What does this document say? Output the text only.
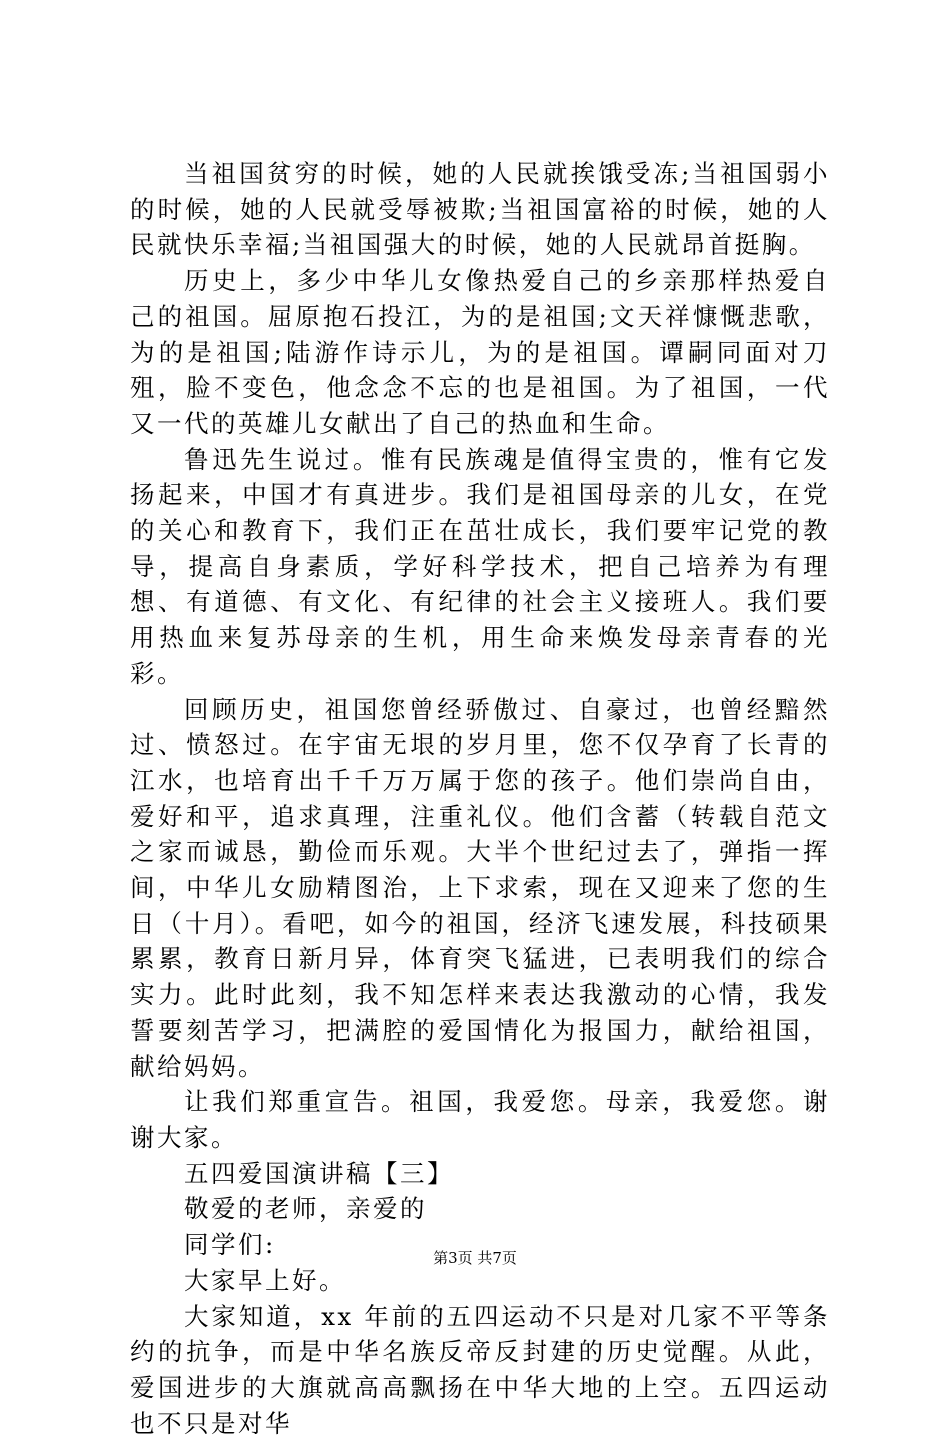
当祖国贫穷的时候，她的人民就挨饿受冻;当祖国弱小的时候，她的人民就受辱被欺;当祖国富裕的时候，她的人民就快乐幸福;当祖国强大的时候，她的人民就昂首挺胸。

历史上，多少中华儿女像热爱自己的乡亲那样热爱自己的祖国。屈原抱石投江，为的是祖国;文天祥慷慨悲歌，为的是祖国;陆游作诗示儿，为的是祖国。谭嗣同面对刀殂，脸不变色，他念念不忘的也是祖国。为了祖国，一代又一代的英雄儿女献出了自己的热血和生命。

鲁迅先生说过。惟有民族魂是值得宝贵的，惟有它发扬起来，中国才有真进步。我们是祖国母亲的儿女，在党的关心和教育下，我们正在茁壮成长，我们要牢记党的教导，提高自身素质，学好科学技术，把自己培养为有理想、有道德、有文化、有纪律的社会主义接班人。我们要用热血来复苏母亲的生机，用生命来焕发母亲青春的光彩。

回顾历史，祖国您曾经骄傲过、自豪过，也曾经黯然过、愤怒过。在宇宙无垠的岁月里，您不仅孕育了长青的江水，也培育出千千万万属于您的孩子。他们崇尚自由，爱好和平，追求真理，注重礼仪。他们含蓄（转载自范文之家而诚恳，勤俭而乐观。大半个世纪过去了，弹指一挥间，中华儿女励精图治，上下求索，现在又迎来了您的生日（十月）。看吧，如今的祖国，经济飞速发展，科技硕果累累，教育日新月异，体育突飞猛进，已表明我们的综合实力。此时此刻，我不知怎样来表达我激动的心情，我发誓要刻苦学习，把满腔的爱国情化为报国力，献给祖国，献给妈妈。

让我们郑重宣告。祖国，我爱您。母亲，我爱您。谢谢大家。

五四爱国演讲稿【三】

敬爱的老师，亲爱的

同学们:

大家早上好。

大家知道，xx 年前的五四运动不只是对几家不平等条约的抗争，而是中华名族反帝反封建的历史觉醒。从此，爱国进步的大旗就高高飘扬在中华大地的上空。五四运动也不只是对华

第3页 共7页
